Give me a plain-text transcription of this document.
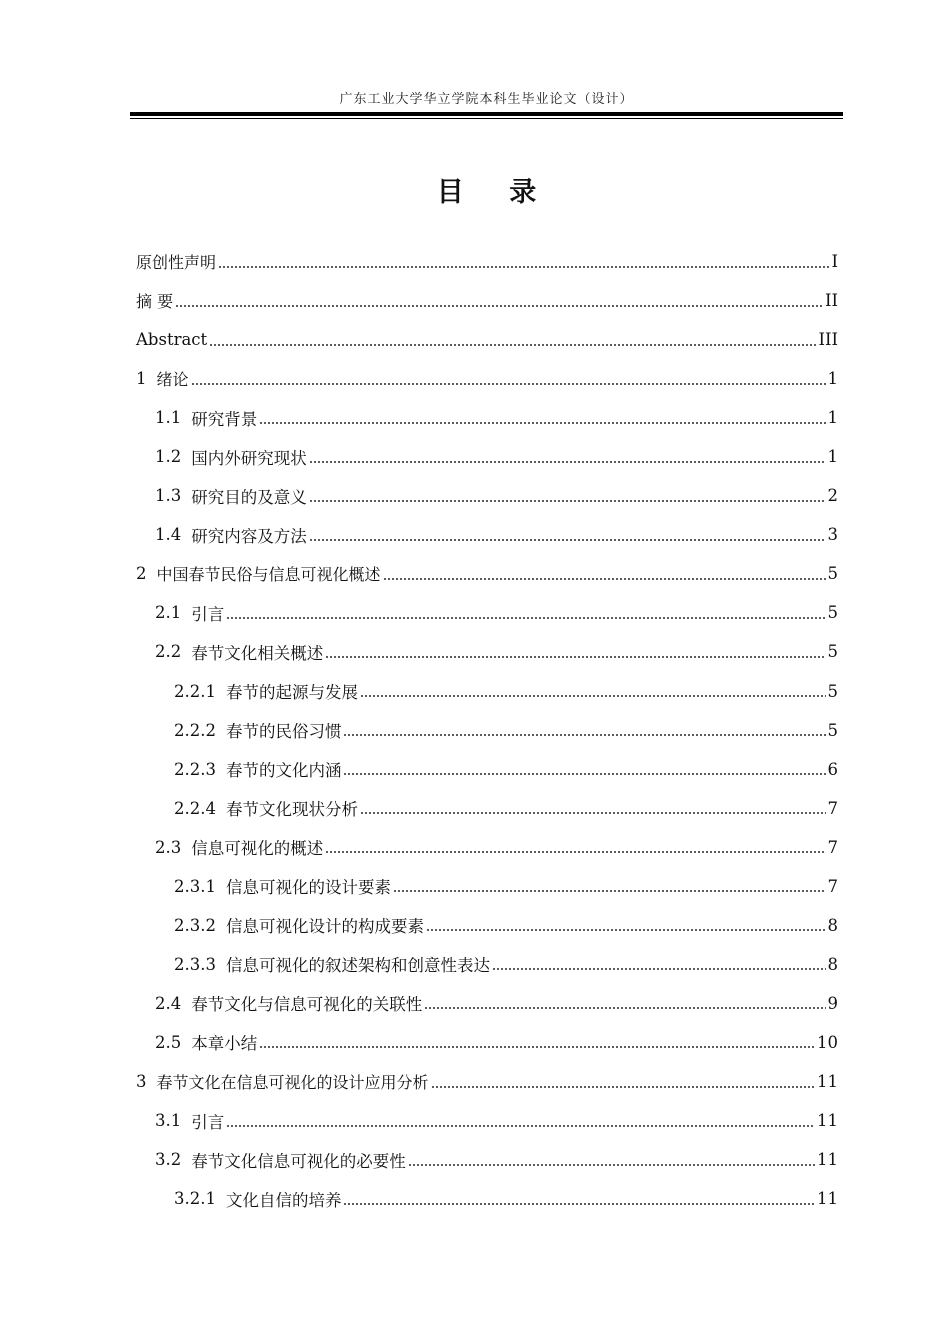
广东工业大学华立学院本科生毕业论文（设计）
目 录
原创性声明	I
摘 要	II
Abstract	III
1 绪论	1
1.1 研究背景	1
1.2 国内外研究现状	1
1.3 研究目的及意义	2
1.4 研究内容及方法	3
2 中国春节民俗与信息可视化概述	5
2.1 引言	5
2.2 春节文化相关概述	5
2.2.1 春节的起源与发展	5
2.2.2 春节的民俗习惯	5
2.2.3 春节的文化内涵	6
2.2.4 春节文化现状分析	7
2.3 信息可视化的概述	7
2.3.1 信息可视化的设计要素	7
2.3.2 信息可视化设计的构成要素	8
2.3.3 信息可视化的叙述架构和创意性表达	8
2.4 春节文化与信息可视化的关联性	9
2.5 本章小结	10
3 春节文化在信息可视化的设计应用分析	11
3.1 引言	11
3.2 春节文化信息可视化的必要性	11
3.2.1 文化自信的培养	11
